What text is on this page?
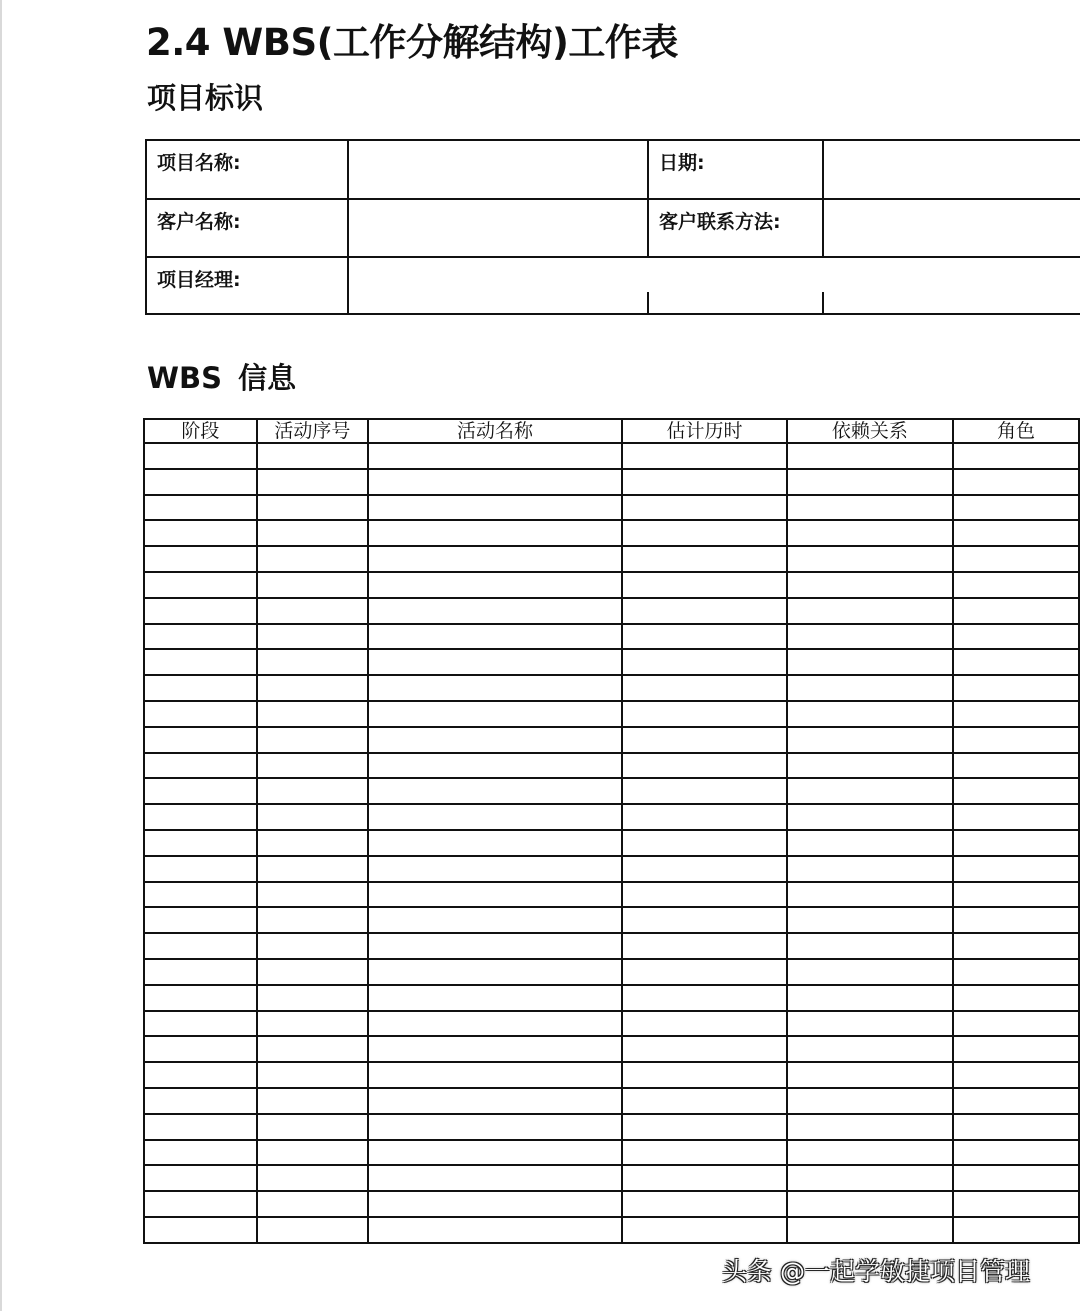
2.4 WBS(工作分解结构)工作表
项目标识
项目名称:	日期:
客户名称:	客户联系方法:
项目经理:
WBS 信息
阶段	活动序号	活动名称	估计历时	依赖关系	角色

头条 @一起学敏捷项目管理
